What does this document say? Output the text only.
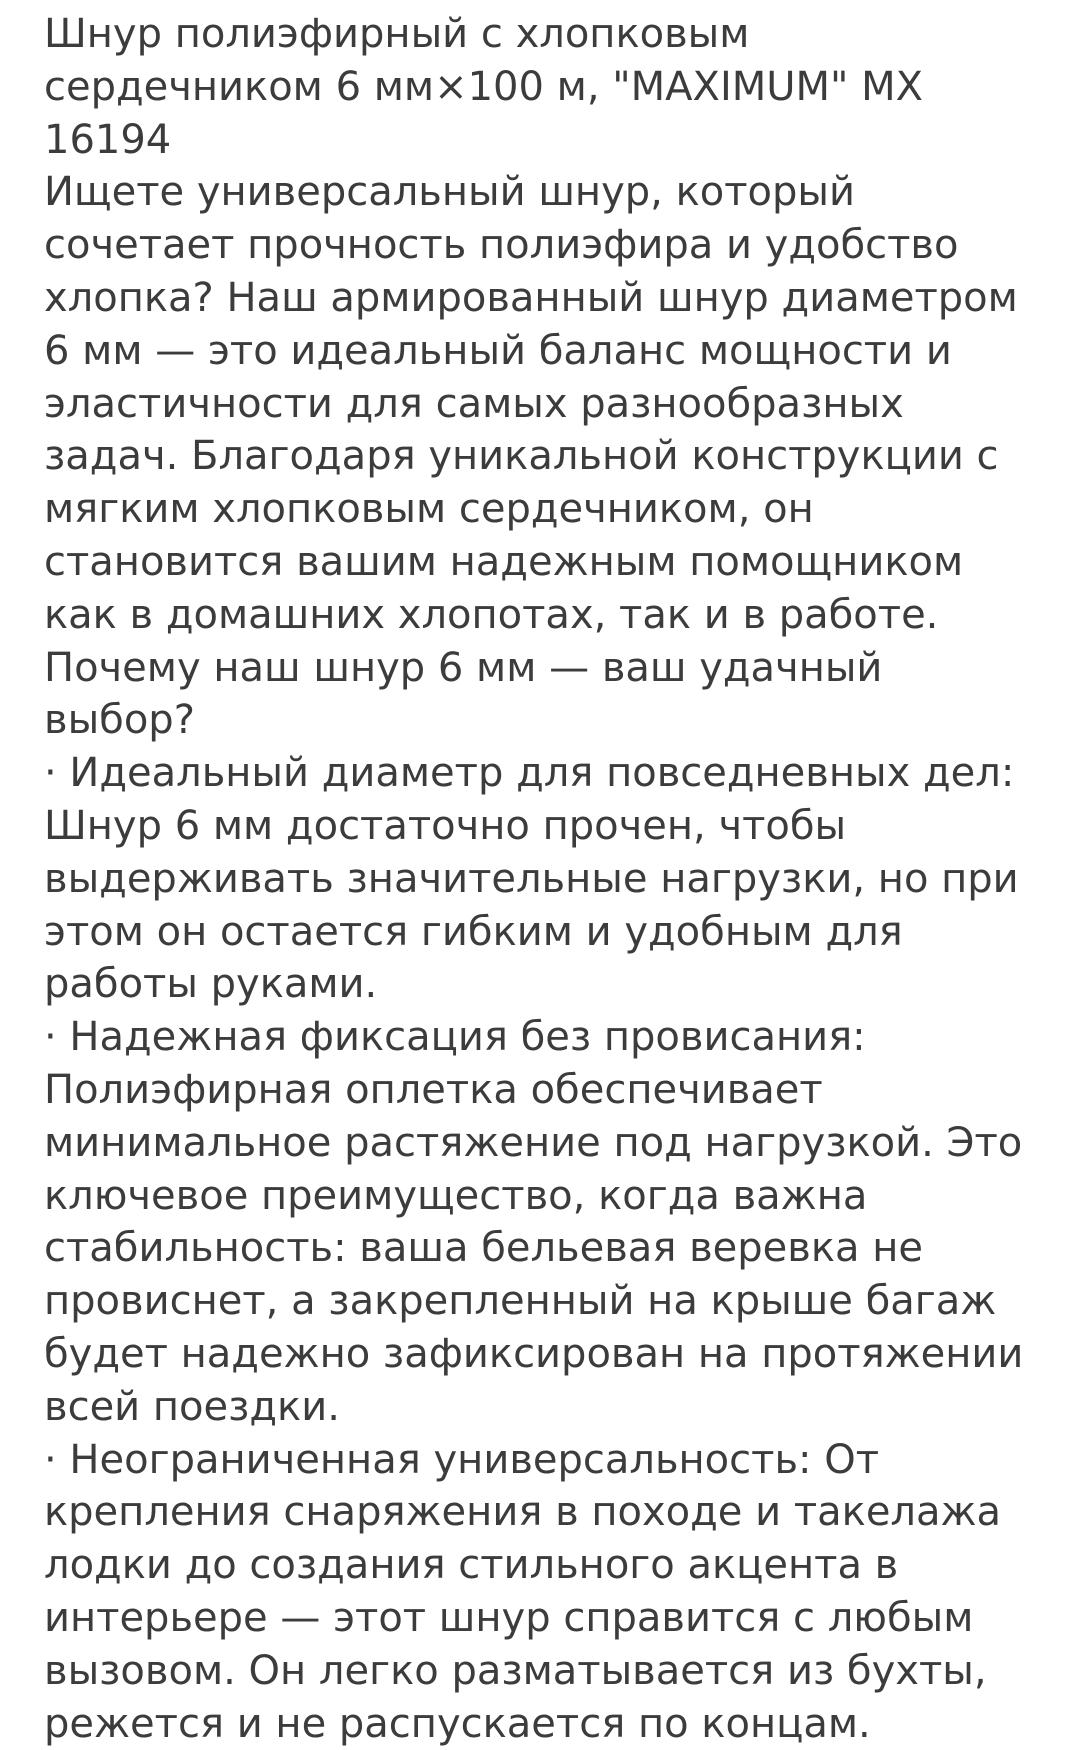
Шнур полиэфирный с хлопковым сердечником 6 мм×100 м, "MAXIMUM" MX 16194
Ищете универсальный шнур, который сочетает прочность полиэфира и удобство хлопка? Наш армированный шнур диаметром 6 мм — это идеальный баланс мощности и эластичности для самых разнообразных задач. Благодаря уникальной конструкции с мягким хлопковым сердечником, он становится вашим надежным помощником как в домашних хлопотах, так и в работе.
Почему наш шнур 6 мм — ваш удачный выбор?
· Идеальный диаметр для повседневных дел: Шнур 6 мм достаточно прочен, чтобы выдерживать значительные нагрузки, но при этом он остается гибким и удобным для работы руками.
· Надежная фиксация без провисания: Полиэфирная оплетка обеспечивает минимальное растяжение под нагрузкой. Это ключевое преимущество, когда важна стабильность: ваша бельевая веревка не провиснет, а закрепленный на крыше багаж будет надежно зафиксирован на протяжении всей поездки.
· Неограниченная универсальность: От крепления снаряжения в походе и такелажа лодки до создания стильного акцента в интерьере — этот шнур справится с любым вызовом. Он легко разматывается из бухты, режется и не распускается по концам.
